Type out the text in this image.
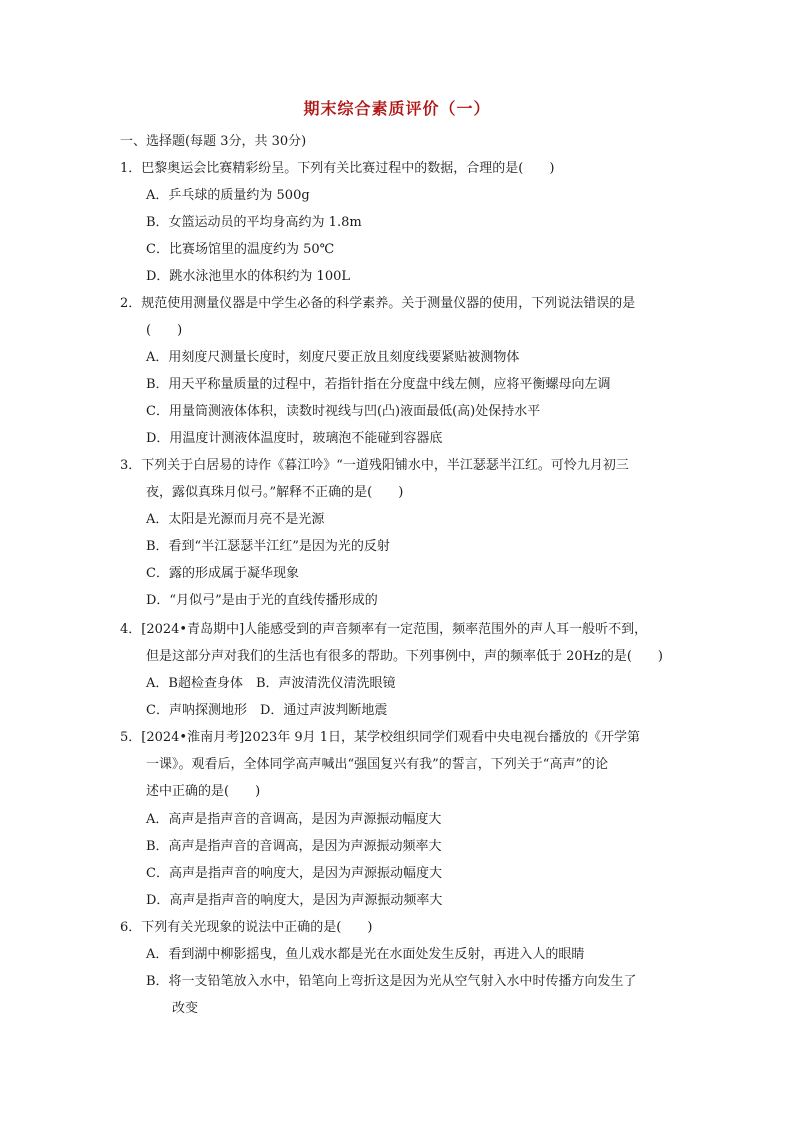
期末综合素质评价（一）
一、选择题(每题 3分，共 30分)
1．巴黎奥运会比赛精彩纷呈。下列有关比赛过程中的数据，合理的是(　　)
A．乒乓球的质量约为 500g
B．女篮运动员的平均身高约为 1.8m
C．比赛场馆里的温度约为 50℃
D．跳水泳池里水的体积约为 100L
2．规范使用测量仪器是中学生必备的科学素养。关于测量仪器的使用，下列说法错误的是
(　　)
A．用刻度尺测量长度时，刻度尺要正放且刻度线要紧贴被测物体
B．用天平称量质量的过程中，若指针指在分度盘中线左侧，应将平衡螺母向左调
C．用量筒测液体体积，读数时视线与凹(凸)液面最低(高)处保持水平
D．用温度计测液体温度时，玻璃泡不能碰到容器底
3．下列关于白居易的诗作《暮江吟》“一道残阳铺水中，半江瑟瑟半江红。可怜九月初三
夜，露似真珠月似弓。”解释不正确的是(　　)
A．太阳是光源而月亮不是光源
B．看到“半江瑟瑟半江红”是因为光的反射
C．露的形成属于凝华现象
D．“月似弓”是由于光的直线传播形成的
4．[2024•青岛期中]人能感受到的声音频率有一定范围，频率范围外的声人耳一般听不到，
但是这部分声对我们的生活也有很多的帮助。下列事例中，声的频率低于 20Hz的是(　　)
A．B超检查身体　B．声波清洗仪清洗眼镜
C．声呐探测地形　D．通过声波判断地震
5．[2024•淮南月考]2023年 9月 1日，某学校组织同学们观看中央电视台播放的《开学第
一课》。观看后，全体同学高声喊出“强国复兴有我”的誓言，下列关于“高声”的论
述中正确的是(　　)
A．高声是指声音的音调高，是因为声源振动幅度大
B．高声是指声音的音调高，是因为声源振动频率大
C．高声是指声音的响度大，是因为声源振动幅度大
D．高声是指声音的响度大，是因为声源振动频率大
6．下列有关光现象的说法中正确的是(　　)
A．看到湖中柳影摇曳，鱼儿戏水都是光在水面处发生反射，再进入人的眼睛
B．将一支铅笔放入水中，铅笔向上弯折这是因为光从空气射入水中时传播方向发生了
改变
